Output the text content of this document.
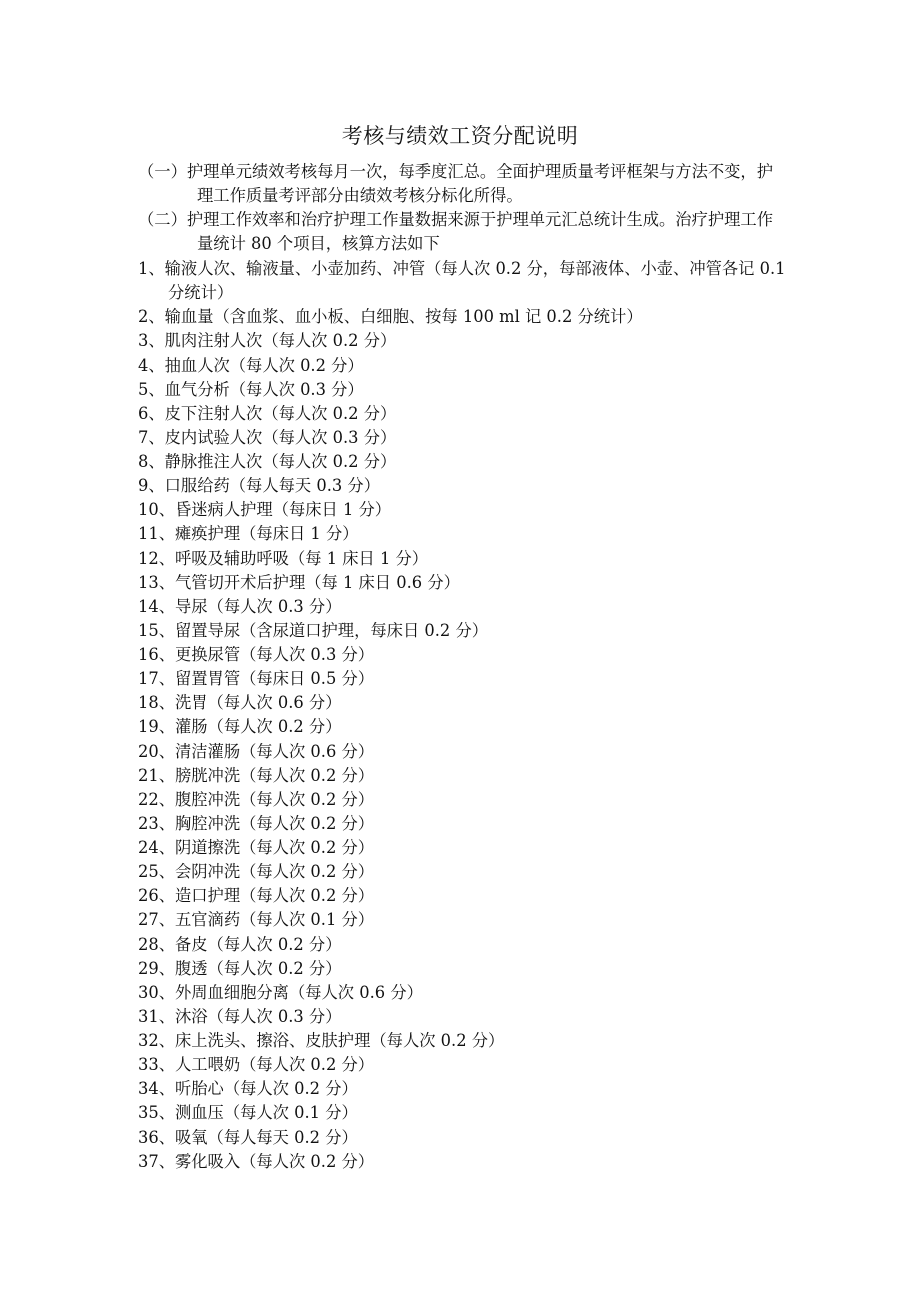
考核与绩效工资分配说明
（一）护理单元绩效考核每月一次，每季度汇总。全面护理质量考评框架与方法不变，护理工作质量考评部分由绩效考核分标化所得。
（二）护理工作效率和治疗护理工作量数据来源于护理单元汇总统计生成。治疗护理工作量统计 80 个项目，核算方法如下
1、输液人次、输液量、小壶加药、冲管（每人次 0.2 分，每部液体、小壶、冲管各记 0.1 分统计）
2、输血量（含血浆、血小板、白细胞、按每 100 ml 记 0.2 分统计）
3、肌肉注射人次（每人次 0.2 分）
4、抽血人次（每人次 0.2 分）
5、血气分析（每人次 0.3 分）
6、皮下注射人次（每人次 0.2 分）
7、皮内试验人次（每人次 0.3 分）
8、静脉推注人次（每人次 0.2 分）
9、口服给药（每人每天 0.3 分）
10、昏迷病人护理（每床日 1 分）
11、瘫痪护理（每床日 1 分）
12、呼吸及辅助呼吸（每 1 床日 1 分）
13、气管切开术后护理（每 1 床日 0.6 分）
14、导尿（每人次 0.3 分）
15、留置导尿（含尿道口护理，每床日 0.2 分）
16、更换尿管（每人次 0.3 分）
17、留置胃管（每床日 0.5 分）
18、洗胃（每人次 0.6 分）
19、灌肠（每人次 0.2 分）
20、清洁灌肠（每人次 0.6 分）
21、膀胱冲洗（每人次 0.2 分）
22、腹腔冲洗（每人次 0.2 分）
23、胸腔冲洗（每人次 0.2 分）
24、阴道擦洗（每人次 0.2 分）
25、会阴冲洗（每人次 0.2 分）
26、造口护理（每人次 0.2 分）
27、五官滴药（每人次 0.1 分）
28、备皮（每人次 0.2 分）
29、腹透（每人次 0.2 分）
30、外周血细胞分离（每人次 0.6 分）
31、沐浴（每人次 0.3 分）
32、床上洗头、擦浴、皮肤护理（每人次 0.2 分）
33、人工喂奶（每人次 0.2 分）
34、听胎心（每人次 0.2 分）
35、测血压（每人次 0.1 分）
36、吸氧（每人每天 0.2 分）
37、雾化吸入（每人次 0.2 分）
